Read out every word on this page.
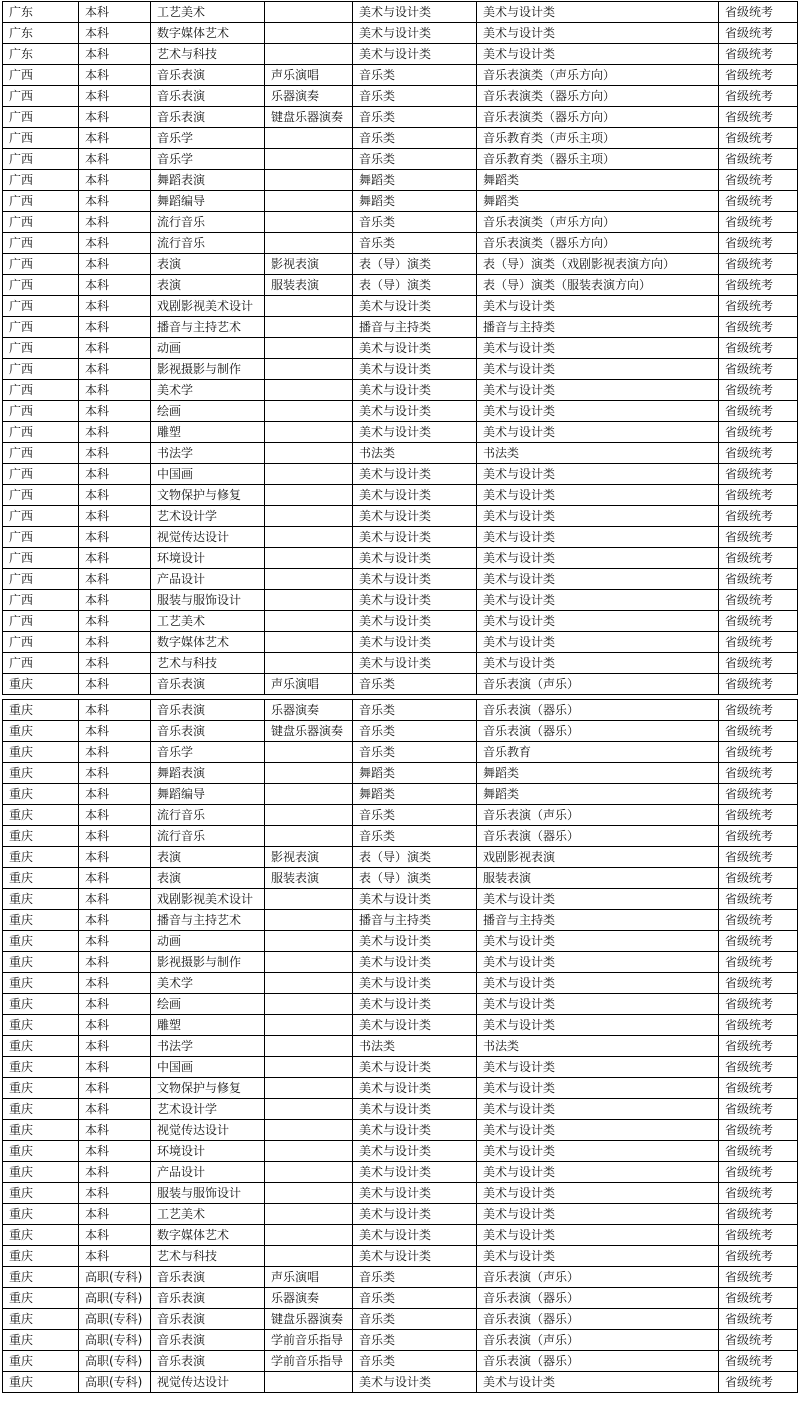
广东	本科	工艺美术		美术与设计类	美术与设计类	省级统考
广东	本科	数字媒体艺术		美术与设计类	美术与设计类	省级统考
广东	本科	艺术与科技		美术与设计类	美术与设计类	省级统考
广西	本科	音乐表演	声乐演唱	音乐类	音乐表演类（声乐方向）	省级统考
广西	本科	音乐表演	乐器演奏	音乐类	音乐表演类（器乐方向）	省级统考
广西	本科	音乐表演	键盘乐器演奏	音乐类	音乐表演类（器乐方向）	省级统考
广西	本科	音乐学		音乐类	音乐教育类（声乐主项）	省级统考
广西	本科	音乐学		音乐类	音乐教育类（器乐主项）	省级统考
广西	本科	舞蹈表演		舞蹈类	舞蹈类	省级统考
广西	本科	舞蹈编导		舞蹈类	舞蹈类	省级统考
广西	本科	流行音乐		音乐类	音乐表演类（声乐方向）	省级统考
广西	本科	流行音乐		音乐类	音乐表演类（器乐方向）	省级统考
广西	本科	表演	影视表演	表（导）演类	表（导）演类（戏剧影视表演方向）	省级统考
广西	本科	表演	服装表演	表（导）演类	表（导）演类（服装表演方向）	省级统考
广西	本科	戏剧影视美术设计		美术与设计类	美术与设计类	省级统考
广西	本科	播音与主持艺术		播音与主持类	播音与主持类	省级统考
广西	本科	动画		美术与设计类	美术与设计类	省级统考
广西	本科	影视摄影与制作		美术与设计类	美术与设计类	省级统考
广西	本科	美术学		美术与设计类	美术与设计类	省级统考
广西	本科	绘画		美术与设计类	美术与设计类	省级统考
广西	本科	雕塑		美术与设计类	美术与设计类	省级统考
广西	本科	书法学		书法类	书法类	省级统考
广西	本科	中国画		美术与设计类	美术与设计类	省级统考
广西	本科	文物保护与修复		美术与设计类	美术与设计类	省级统考
广西	本科	艺术设计学		美术与设计类	美术与设计类	省级统考
广西	本科	视觉传达设计		美术与设计类	美术与设计类	省级统考
广西	本科	环境设计		美术与设计类	美术与设计类	省级统考
广西	本科	产品设计		美术与设计类	美术与设计类	省级统考
广西	本科	服装与服饰设计		美术与设计类	美术与设计类	省级统考
广西	本科	工艺美术		美术与设计类	美术与设计类	省级统考
广西	本科	数字媒体艺术		美术与设计类	美术与设计类	省级统考
广西	本科	艺术与科技		美术与设计类	美术与设计类	省级统考
重庆	本科	音乐表演	声乐演唱	音乐类	音乐表演（声乐）	省级统考
重庆	本科	音乐表演	乐器演奏	音乐类	音乐表演（器乐）	省级统考
重庆	本科	音乐表演	键盘乐器演奏	音乐类	音乐表演（器乐）	省级统考
重庆	本科	音乐学		音乐类	音乐教育	省级统考
重庆	本科	舞蹈表演		舞蹈类	舞蹈类	省级统考
重庆	本科	舞蹈编导		舞蹈类	舞蹈类	省级统考
重庆	本科	流行音乐		音乐类	音乐表演（声乐）	省级统考
重庆	本科	流行音乐		音乐类	音乐表演（器乐）	省级统考
重庆	本科	表演	影视表演	表（导）演类	戏剧影视表演	省级统考
重庆	本科	表演	服装表演	表（导）演类	服装表演	省级统考
重庆	本科	戏剧影视美术设计		美术与设计类	美术与设计类	省级统考
重庆	本科	播音与主持艺术		播音与主持类	播音与主持类	省级统考
重庆	本科	动画		美术与设计类	美术与设计类	省级统考
重庆	本科	影视摄影与制作		美术与设计类	美术与设计类	省级统考
重庆	本科	美术学		美术与设计类	美术与设计类	省级统考
重庆	本科	绘画		美术与设计类	美术与设计类	省级统考
重庆	本科	雕塑		美术与设计类	美术与设计类	省级统考
重庆	本科	书法学		书法类	书法类	省级统考
重庆	本科	中国画		美术与设计类	美术与设计类	省级统考
重庆	本科	文物保护与修复		美术与设计类	美术与设计类	省级统考
重庆	本科	艺术设计学		美术与设计类	美术与设计类	省级统考
重庆	本科	视觉传达设计		美术与设计类	美术与设计类	省级统考
重庆	本科	环境设计		美术与设计类	美术与设计类	省级统考
重庆	本科	产品设计		美术与设计类	美术与设计类	省级统考
重庆	本科	服装与服饰设计		美术与设计类	美术与设计类	省级统考
重庆	本科	工艺美术		美术与设计类	美术与设计类	省级统考
重庆	本科	数字媒体艺术		美术与设计类	美术与设计类	省级统考
重庆	本科	艺术与科技		美术与设计类	美术与设计类	省级统考
重庆	高职(专科)	音乐表演	声乐演唱	音乐类	音乐表演（声乐）	省级统考
重庆	高职(专科)	音乐表演	乐器演奏	音乐类	音乐表演（器乐）	省级统考
重庆	高职(专科)	音乐表演	键盘乐器演奏	音乐类	音乐表演（器乐）	省级统考
重庆	高职(专科)	音乐表演	学前音乐指导	音乐类	音乐表演（声乐）	省级统考
重庆	高职(专科)	音乐表演	学前音乐指导	音乐类	音乐表演（器乐）	省级统考
重庆	高职(专科)	视觉传达设计		美术与设计类	美术与设计类	省级统考
